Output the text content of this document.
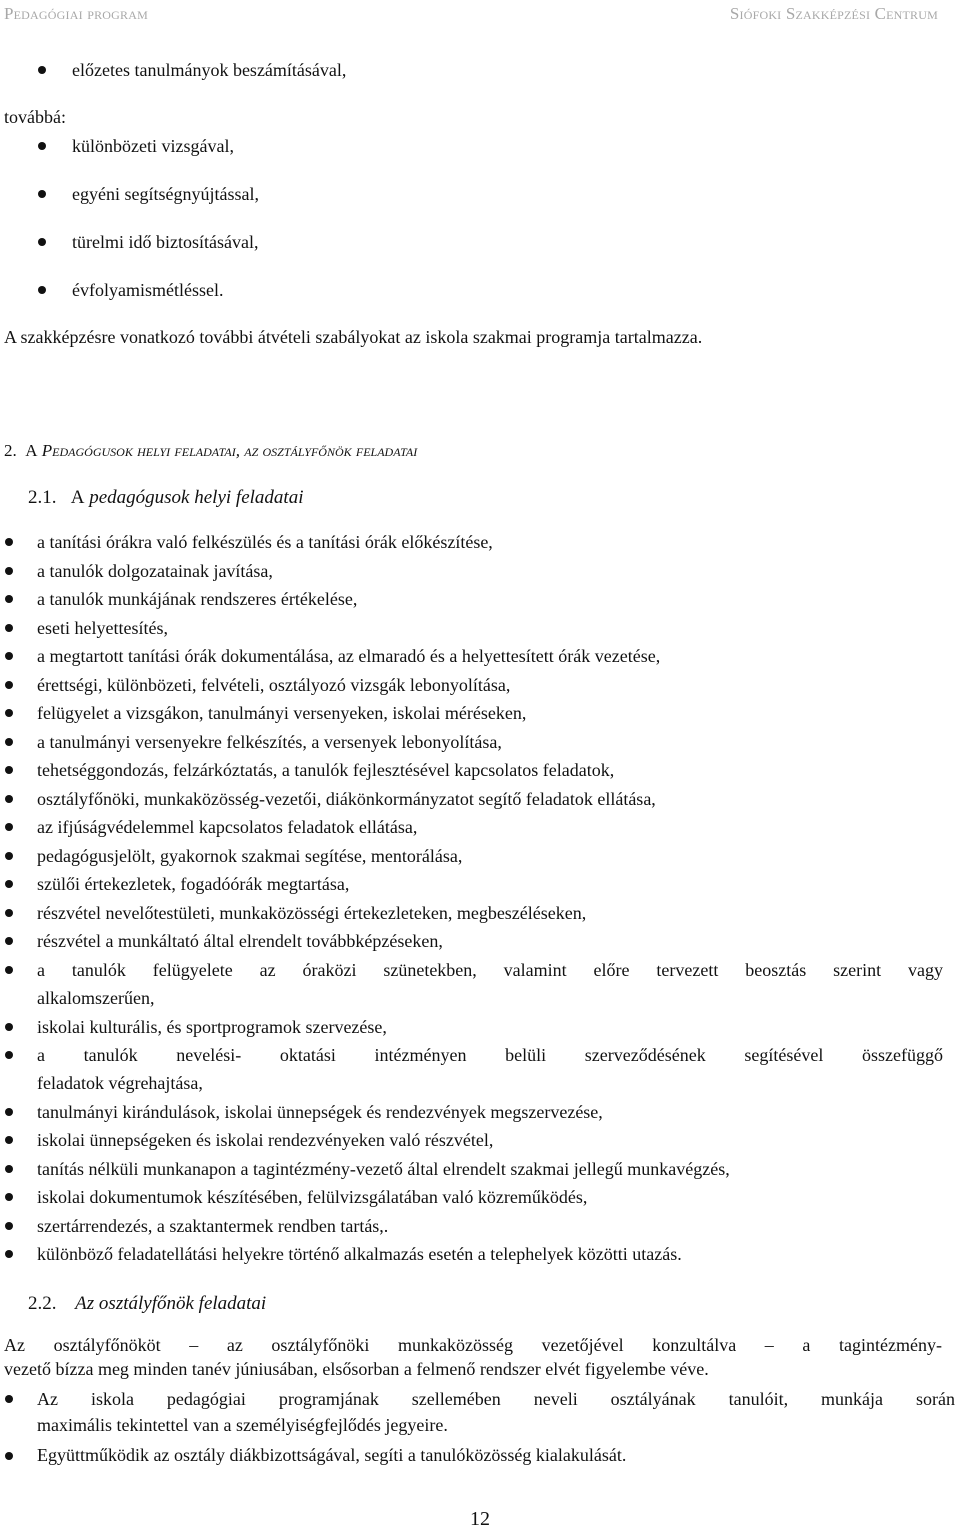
Pedagógiai program	Siófoki Szakképzési Centrum
előzetes tanulmányok beszámításával,
továbbá:
különbözeti vizsgával,
egyéni segítségnyújtással,
türelmi idő biztosításával,
évfolyamismétléssel.
A szakképzésre vonatkozó további átvételi szabályokat az iskola szakmai programja tartalmazza.
2. A Pedagógusok helyi feladatai, az osztályfőnök feladatai
2.1. A pedagógusok helyi feladatai
a tanítási órákra való felkészülés és a tanítási órák előkészítése,
a tanulók dolgozatainak javítása,
a tanulók munkájának rendszeres értékelése,
eseti helyettesítés,
a megtartott tanítási órák dokumentálása, az elmaradó és a helyettesített órák vezetése,
érettségi, különbözeti, felvételi, osztályozó vizsgák lebonyolítása,
felügyelet a vizsgákon, tanulmányi versenyeken, iskolai méréseken,
a tanulmányi versenyekre felkészítés, a versenyek lebonyolítása,
tehetséggondozás, felzárkóztatás, a tanulók fejlesztésével kapcsolatos feladatok,
osztályfőnöki, munkaközösség-vezetői, diákönkormányzatot segítő feladatok ellátása,
az ifjúságvédelemmel kapcsolatos feladatok ellátása,
pedagógusjelölt, gyakornok szakmai segítése, mentorálása,
szülői értekezletek, fogadóórák megtartása,
részvétel nevelőtestületi, munkaközösségi értekezleteken, megbeszéléseken,
részvétel a munkáltató által elrendelt továbbképzéseken,
a tanulók felügyelete az óraközi szünetekben, valamint előre tervezett beosztás szerint vagy
alkalomszerűen,
iskolai kulturális, és sportprogramok szervezése,
a tanulók nevelési- oktatási intézményen belüli szerveződésének segítésével összefüggő
feladatok végrehajtása,
tanulmányi kirándulások, iskolai ünnepségek és rendezvények megszervezése,
iskolai ünnepségeken és iskolai rendezvényeken való részvétel,
tanítás nélküli munkanapon a tagintézmény-vezető által elrendelt szakmai jellegű munkavégzés,
iskolai dokumentumok készítésében, felülvizsgálatában való közreműködés,
szertárrendezés, a szaktantermek rendben tartás,.
különböző feladatellátási helyekre történő alkalmazás esetén a telephelyek közötti utazás.
2.2. Az osztályfőnök feladatai
Az osztályfőnököt – az osztályfőnöki munkaközösség vezetőjével konzultálva – a tagintézmény-
vezető bízza meg minden tanév júniusában, elsősorban a felmenő rendszer elvét figyelembe véve.
Az iskola pedagógiai programjának szellemében neveli osztályának tanulóit, munkája során
maximális tekintettel van a személyiségfejlődés jegyeire.
Együttműködik az osztály diákbizottságával, segíti a tanulóközösség kialakulását.
12
